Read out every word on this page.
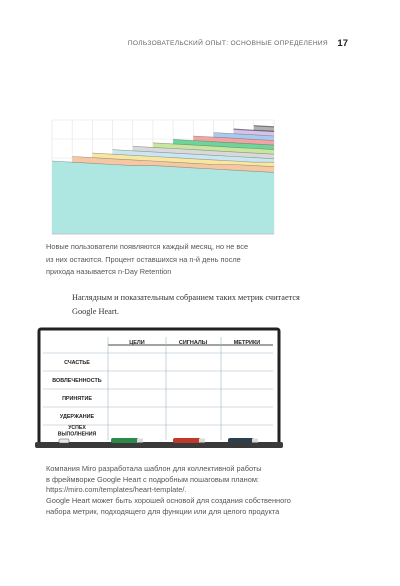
ПОЛЬЗОВАТЕЛЬСКИЙ ОПЫТ: ОСНОВНЫЕ ОПРЕДЕЛЕНИЯ 17
Новые пользователи появляются каждый месяц, но не все
из них остаются. Процент оставшихся на n-й день после
прихода называется n-Day Retention
Наглядным и показательным собранием таких метрик считается
Google Heart.
ЦЕЛИ	СИГНАЛЫ	МЕТРИКИ
СЧАСТЬЕ
ВОВЛЕЧЕННОСТЬ
ПРИНЯТИЕ
УДЕРЖАНИЕ
УСПЕХ ВЫПОЛНЕНИЯ
Компания Miro разработала шаблон для коллективной работы
в фреймворке Google Heart с подробным пошаговым планом:
https://miro.com/templates/heart-template/.
Google Heart может быть хорошей основой для создания собственного
набора метрик, подходящего для функции или для целого продукта
